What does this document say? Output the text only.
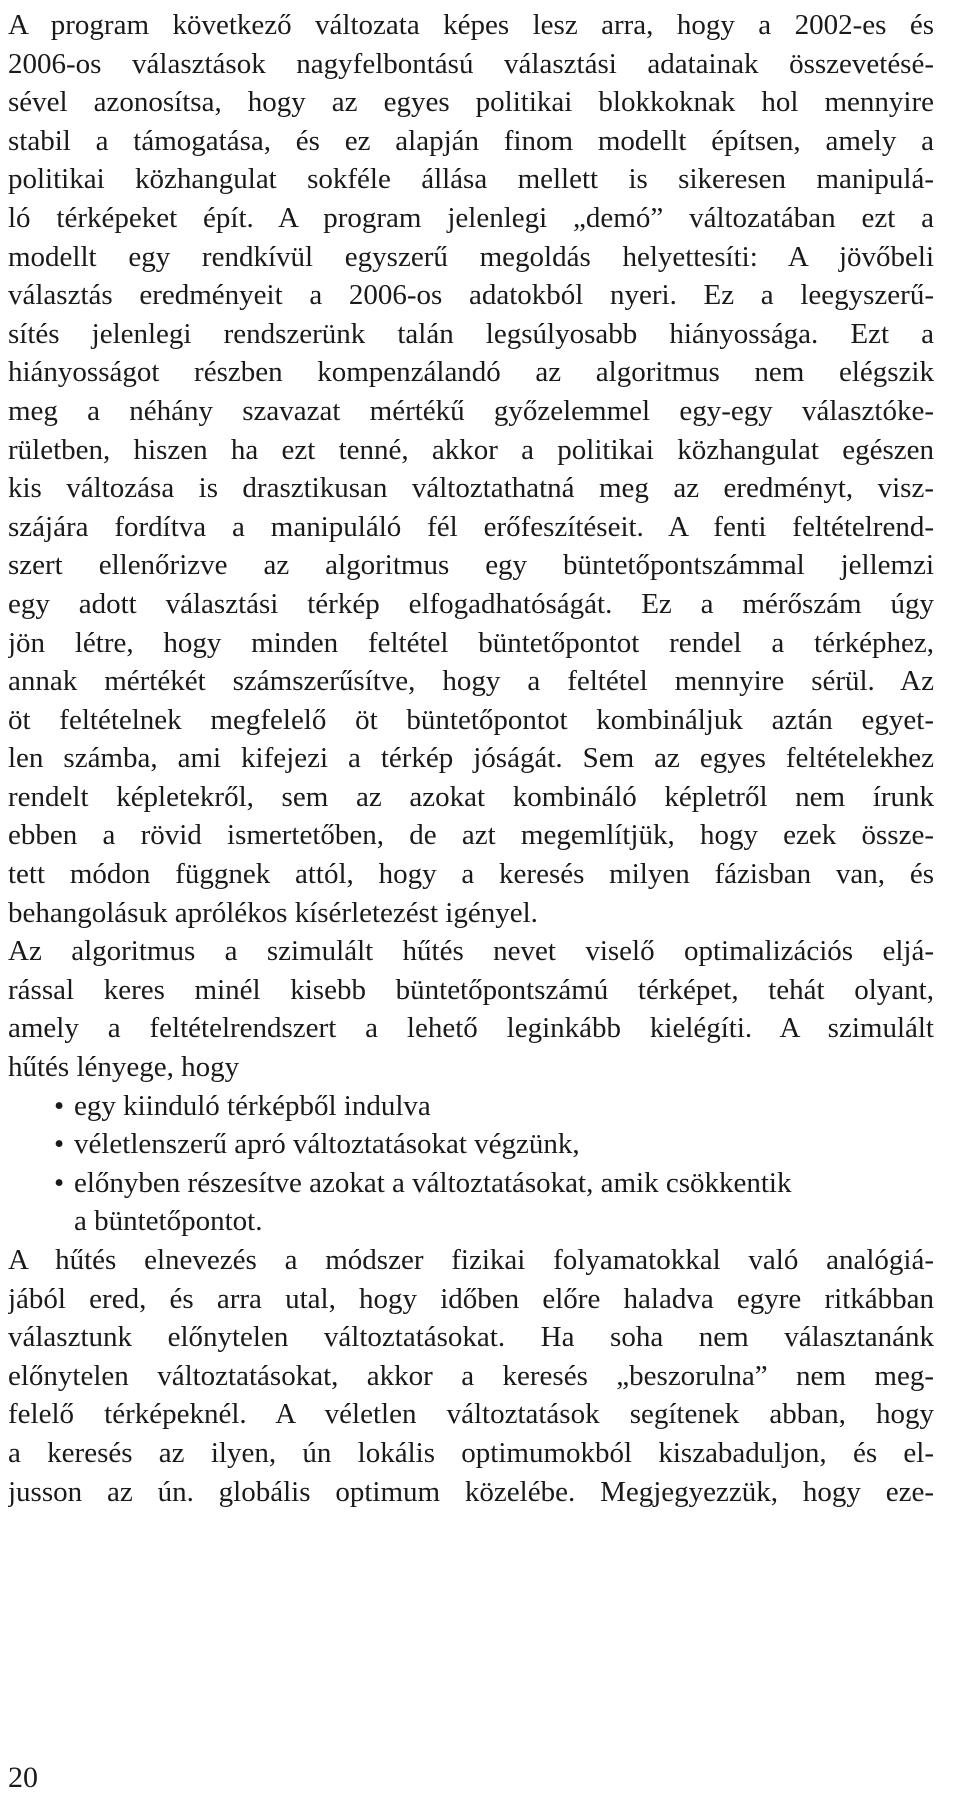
A program következő változata képes lesz arra, hogy a 2002-es és
2006-os választások nagyfelbontású választási adatainak összevetésé-
sével azonosítsa, hogy az egyes politikai blokkoknak hol mennyire
stabil a támogatása, és ez alapján finom modellt építsen, amely a
politikai közhangulat sokféle állása mellett is sikeresen manipulá-
ló térképeket épít. A program jelenlegi „demó” változatában ezt a
modellt egy rendkívül egyszerű megoldás helyettesíti: A jövőbeli
választás eredményeit a 2006-os adatokból nyeri. Ez a leegyszerű-
sítés jelenlegi rendszerünk talán legsúlyosabb hiányossága. Ezt a
hiányosságot részben kompenzálandó az algoritmus nem elégszik
meg a néhány szavazat mértékű győzelemmel egy-egy választóke-
rületben, hiszen ha ezt tenné, akkor a politikai közhangulat egészen
kis változása is drasztikusan változtathatná meg az eredményt, visz-
szájára fordítva a manipuláló fél erőfeszítéseit. A fenti feltételrend-
szert ellenőrizve az algoritmus egy büntetőpontszámmal jellemzi
egy adott választási térkép elfogadhatóságát. Ez a mérőszám úgy
jön létre, hogy minden feltétel büntetőpontot rendel a térképhez,
annak mértékét számszerűsítve, hogy a feltétel mennyire sérül. Az
öt feltételnek megfelelő öt büntetőpontot kombináljuk aztán egyet-
len számba, ami kifejezi a térkép jóságát. Sem az egyes feltételekhez
rendelt képletekről, sem az azokat kombináló képletről nem írunk
ebben a rövid ismertetőben, de azt megemlítjük, hogy ezek össze-
tett módon függnek attól, hogy a keresés milyen fázisban van, és
behangolásuk aprólékos kísérletezést igényel.
Az algoritmus a szimulált hűtés nevet viselő optimalizációs eljá-
rással keres minél kisebb büntetőpontszámú térképet, tehát olyant,
amely a feltételrendszert a lehető leginkább kielégíti. A szimulált
hűtés lényege, hogy
• egy kiinduló térképből indulva
• véletlenszerű apró változtatásokat végzünk,
• előnyben részesítve azokat a változtatásokat, amik csökkentik
a büntetőpontot.
A hűtés elnevezés a módszer fizikai folyamatokkal való analógiá-
jából ered, és arra utal, hogy időben előre haladva egyre ritkábban
választunk előnytelen változtatásokat. Ha soha nem választanánk
előnytelen változtatásokat, akkor a keresés „beszorulna” nem meg-
felelő térképeknél. A véletlen változtatások segítenek abban, hogy
a keresés az ilyen, ún lokális optimumokból kiszabaduljon, és el-
jusson az ún. globális optimum közelébe. Megjegyezzük, hogy eze-
20
